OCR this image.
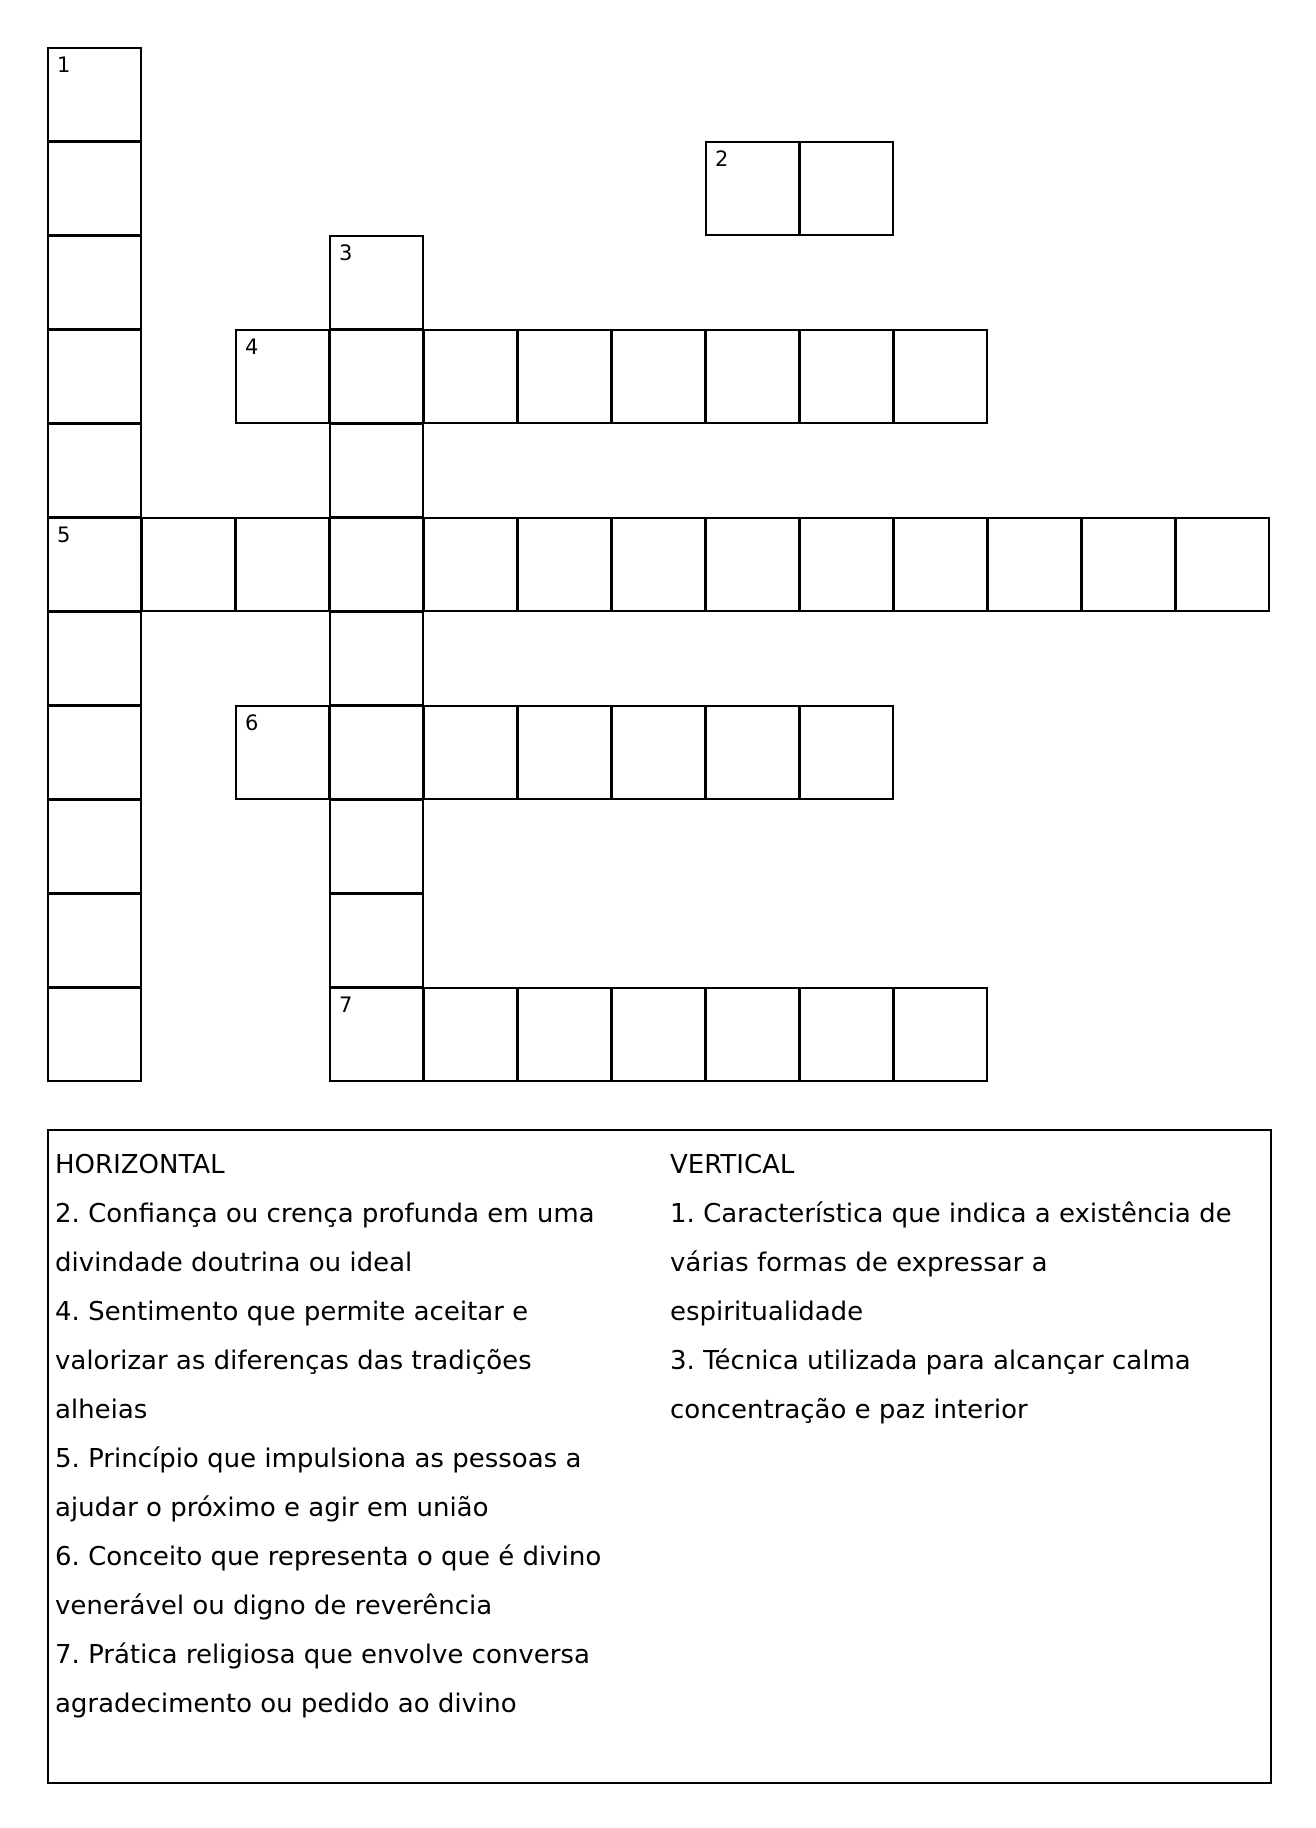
1
2
3
4
5
6
7
HORIZONTAL
2. Confiança ou crença profunda em uma
divindade doutrina ou ideal
4. Sentimento que permite aceitar e
valorizar as diferenças das tradições
alheias
5. Princípio que impulsiona as pessoas a
ajudar o próximo e agir em união
6. Conceito que representa o que é divino
venerável ou digno de reverência
7. Prática religiosa que envolve conversa
agradecimento ou pedido ao divino
VERTICAL
1. Característica que indica a existência de
várias formas de expressar a
espiritualidade
3. Técnica utilizada para alcançar calma
concentração e paz interior
